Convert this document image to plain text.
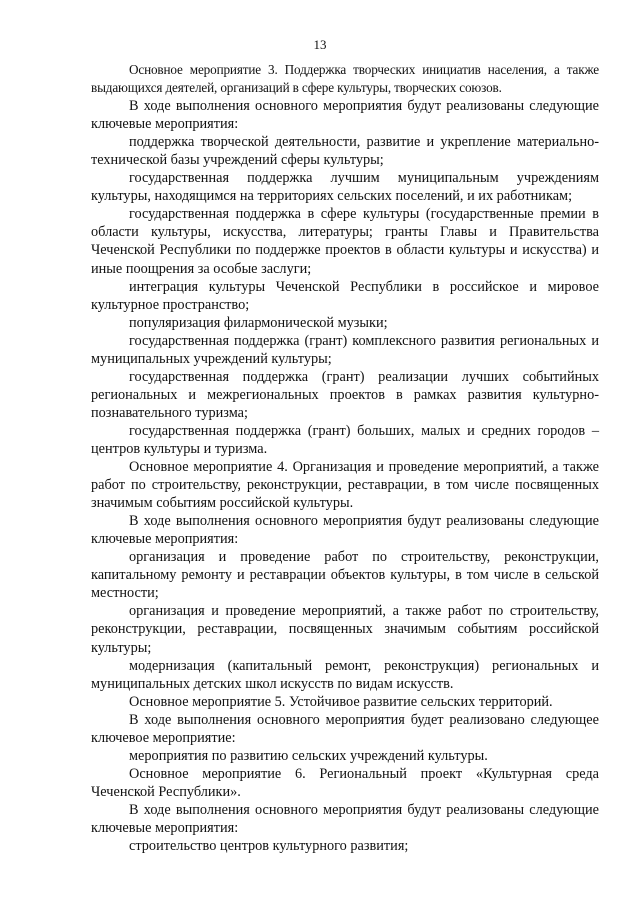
13

Основное мероприятие 3. Поддержка творческих инициатив населения, а также выдающихся деятелей, организаций в сфере культуры, творческих союзов.

В ходе выполнения основного мероприятия будут реализованы следующие ключевые мероприятия:

поддержка творческой деятельности, развитие и укрепление материально-технической базы учреждений сферы культуры;

государственная поддержка лучшим муниципальным учреждениям культуры, находящимся на территориях сельских поселений, и их работникам;

государственная поддержка в сфере культуры (государственные премии в области культуры, искусства, литературы; гранты Главы и Правительства Чеченской Республики по поддержке проектов в области культуры и искусства) и иные поощрения за особые заслуги;

интеграция культуры Чеченской Республики в российское и мировое культурное пространство;

популяризация филармонической музыки;

государственная поддержка (грант) комплексного развития региональных и муниципальных учреждений культуры;

государственная поддержка (грант) реализации лучших событийных региональных и межрегиональных проектов в рамках развития культурно-познавательного туризма;

государственная поддержка (грант) больших, малых и средних городов – центров культуры и туризма.

Основное мероприятие 4. Организация и проведение мероприятий, а также работ по строительству, реконструкции, реставрации, в том числе посвященных значимым событиям российской культуры.

В ходе выполнения основного мероприятия будут реализованы следующие ключевые мероприятия:

организация и проведение работ по строительству, реконструкции, капитальному ремонту и реставрации объектов культуры, в том числе в сельской местности;

организация и проведение мероприятий, а также работ по строительству, реконструкции, реставрации, посвященных значимым событиям российской культуры;

модернизация (капитальный ремонт, реконструкция) региональных и муниципальных детских школ искусств по видам искусств.

Основное мероприятие 5. Устойчивое развитие сельских территорий.

В ходе выполнения основного мероприятия будет реализовано следующее ключевое мероприятие:

мероприятия по развитию сельских учреждений культуры.

Основное мероприятие 6. Региональный проект «Культурная среда Чеченской Республики».

В ходе выполнения основного мероприятия будут реализованы следующие ключевые мероприятия:

строительство центров культурного развития;
